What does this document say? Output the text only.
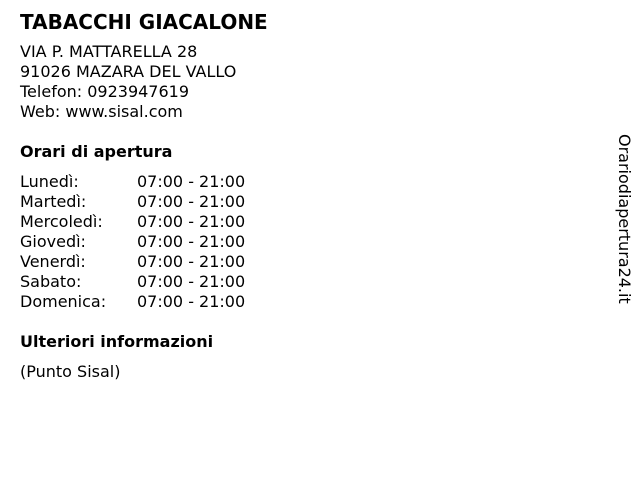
TABACCHI GIACALONE
VIA P. MATTARELLA 28
91026 MAZARA DEL VALLO
Telefon: 0923947619
Web: www.sisal.com
Orari di apertura
Lunedì:	07:00 - 21:00
Martedì:	07:00 - 21:00
Mercoledì:	07:00 - 21:00
Giovedì:	07:00 - 21:00
Venerdì:	07:00 - 21:00
Sabato:	07:00 - 21:00
Domenica:	07:00 - 21:00
Ulteriori informazioni
(Punto Sisal)
Orariodiapertura24.it
